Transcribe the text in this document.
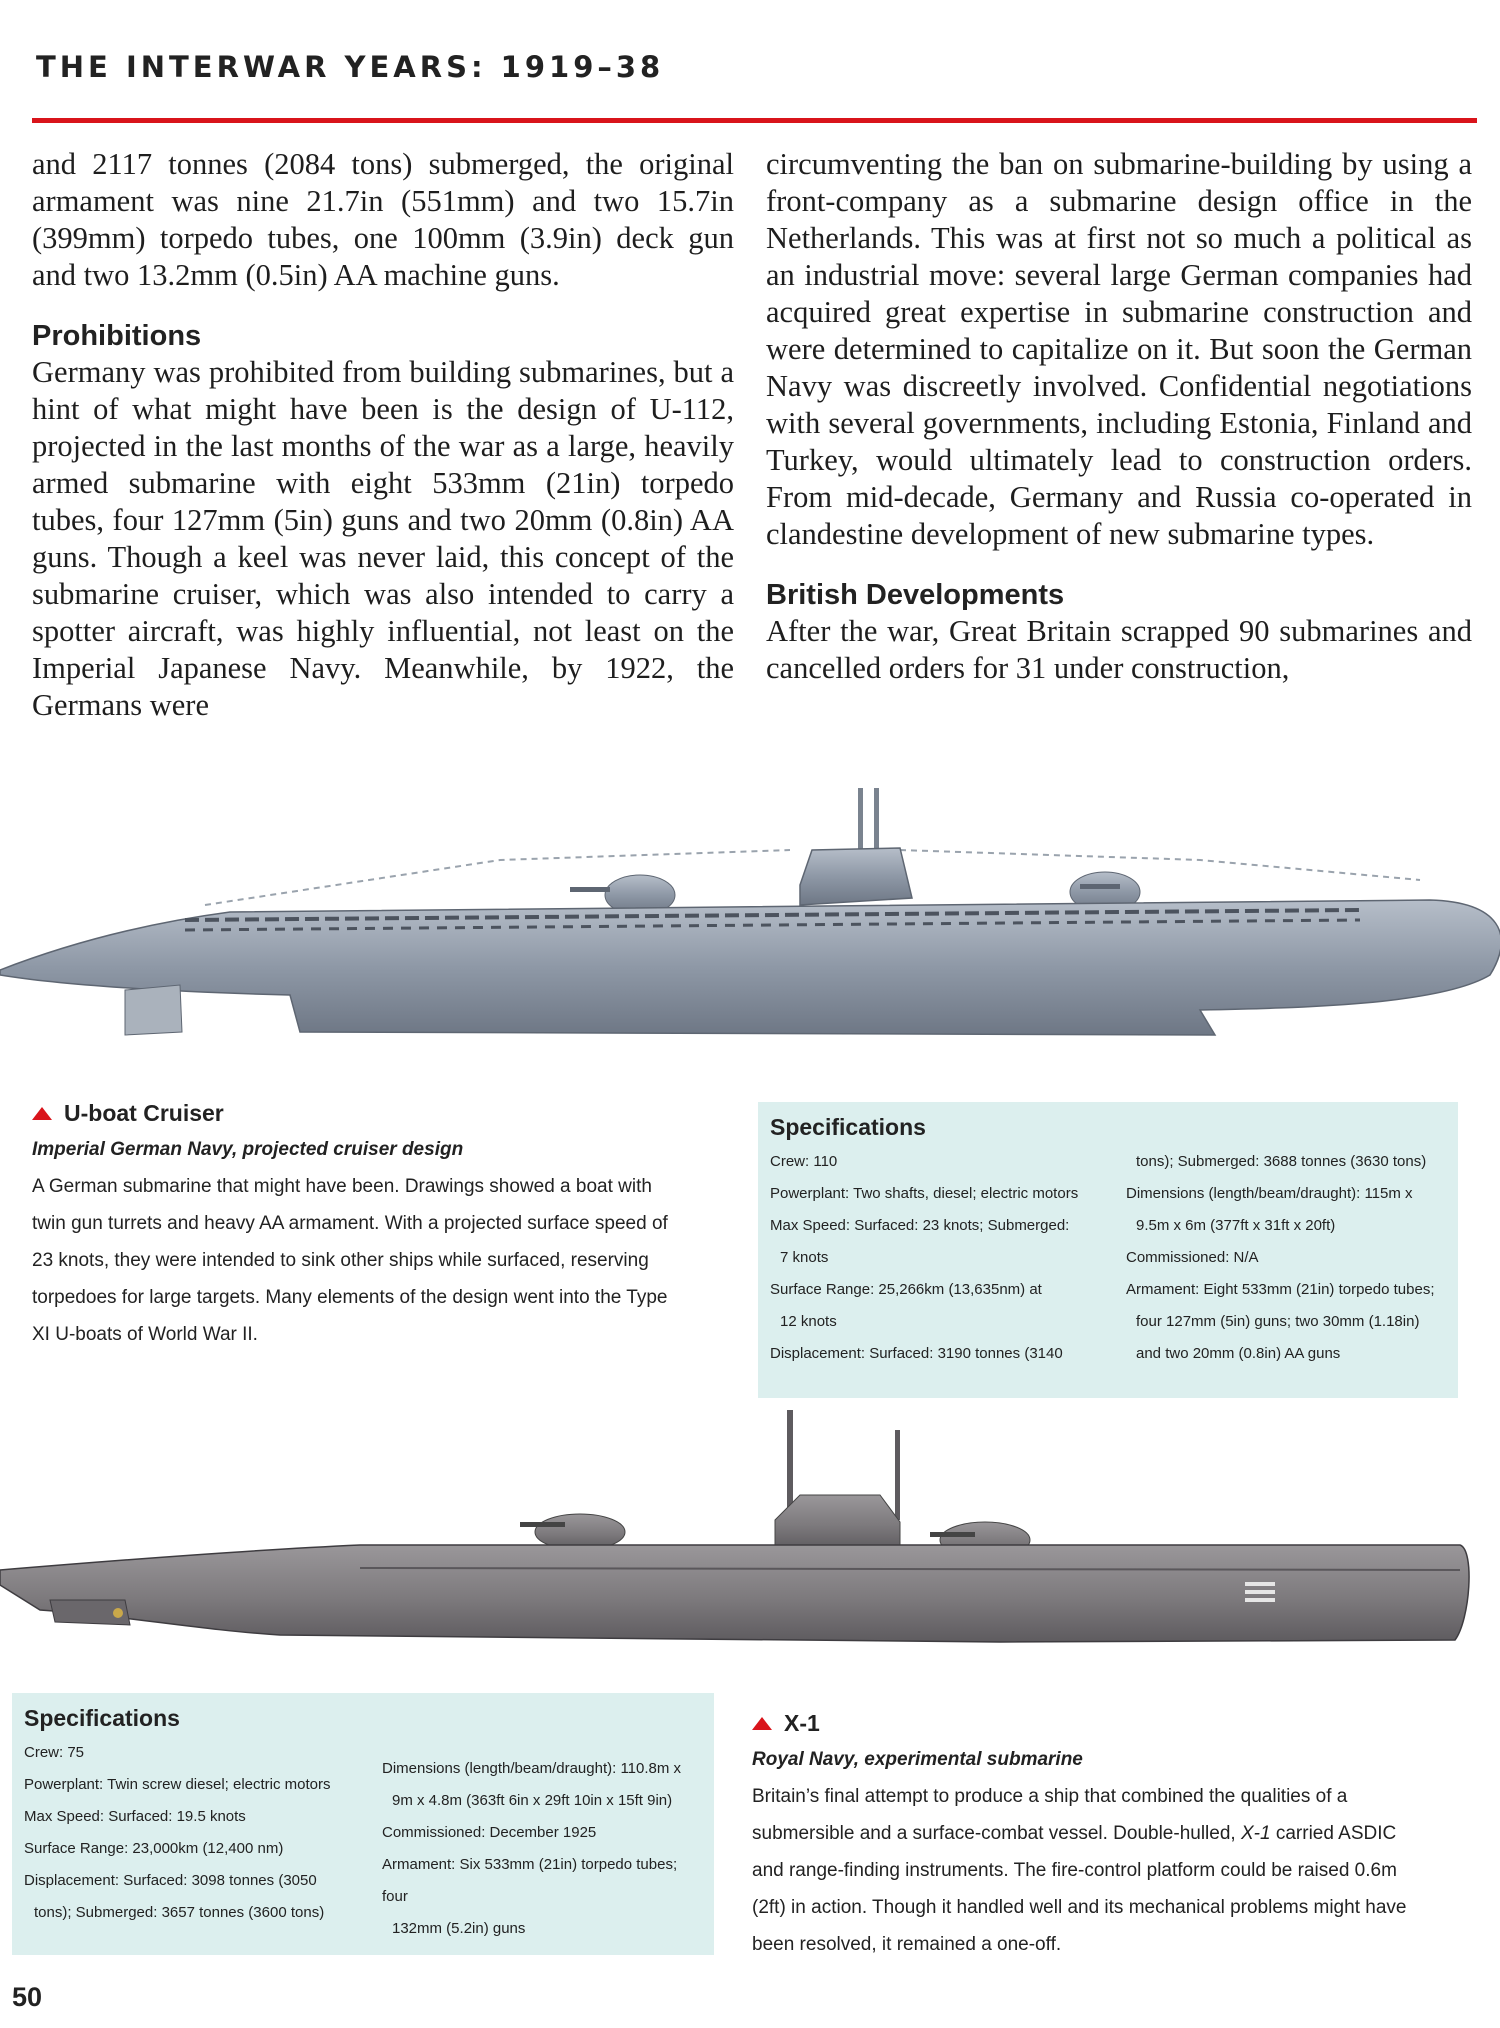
THE INTERWAR YEARS: 1919–38

and 2117 tonnes (2084 tons) submerged, the original armament was nine 21.7in (551mm) and two 15.7in (399mm) torpedo tubes, one 100mm (3.9in) deck gun and two 13.2mm (0.5in) AA machine guns.

Prohibitions

Germany was prohibited from building submarines, but a hint of what might have been is the design of U-112, projected in the last months of the war as a large, heavily armed submarine with eight 533mm (21in) torpedo tubes, four 127mm (5in) guns and two 20mm (0.8in) AA guns. Though a keel was never laid, this concept of the submarine cruiser, which was also intended to carry a spotter aircraft, was highly influential, not least on the Imperial Japanese Navy. Meanwhile, by 1922, the Germans were

circumventing the ban on submarine-building by using a front-company as a submarine design office in the Netherlands. This was at first not so much a political as an industrial move: several large German companies had acquired great expertise in submarine construction and were determined to capitalize on it. But soon the German Navy was discreetly involved. Confidential negotiations with several governments, including Estonia, Finland and Turkey, would ultimately lead to construction orders. From mid-decade, Germany and Russia co-operated in clandestine development of new submarine types.

British Developments

After the war, Great Britain scrapped 90 submarines and cancelled orders for 31 under construction,

U-boat Cruiser
Imperial German Navy, projected cruiser design
A German submarine that might have been. Drawings showed a boat with twin gun turrets and heavy AA armament. With a projected surface speed of 23 knots, they were intended to sink other ships while surfaced, reserving torpedoes for large targets. Many elements of the design went into the Type XI U-boats of World War II.
Specifications
Crew: 110
Powerplant: Two shafts, diesel; electric motors
Max Speed: Surfaced: 23 knots; Submerged:
7 knots
Surface Range: 25,266km (13,635nm) at
12 knots
Displacement: Surfaced: 3190 tonnes (3140
tons); Submerged: 3688 tonnes (3630 tons)
Dimensions (length/beam/draught): 115m x
9.5m x 6m (377ft x 31ft x 20ft)
Commissioned: N/A
Armament: Eight 533mm (21in) torpedo tubes;
four 127mm (5in) guns; two 30mm (1.18in)
and two 20mm (0.8in) AA guns
Specifications
Crew: 75
Powerplant: Twin screw diesel; electric motors
Max Speed: Surfaced: 19.5 knots
Surface Range: 23,000km (12,400 nm)
Displacement: Surfaced: 3098 tonnes (3050
tons); Submerged: 3657 tonnes (3600 tons)
Dimensions (length/beam/draught): 110.8m x
9m x 4.8m (363ft 6in x 29ft 10in x 15ft 9in)
Commissioned: December 1925
Armament: Six 533mm (21in) torpedo tubes; four
132mm (5.2in) guns
X-1
Royal Navy, experimental submarine
Britain’s final attempt to produce a ship that combined the qualities of a submersible and a surface-combat vessel. Double-hulled, X-1 carried ASDIC and range-finding instruments. The fire-control platform could be raised 0.6m (2ft) in action. Though it handled well and its mechanical problems might have been resolved, it remained a one-off.
50
